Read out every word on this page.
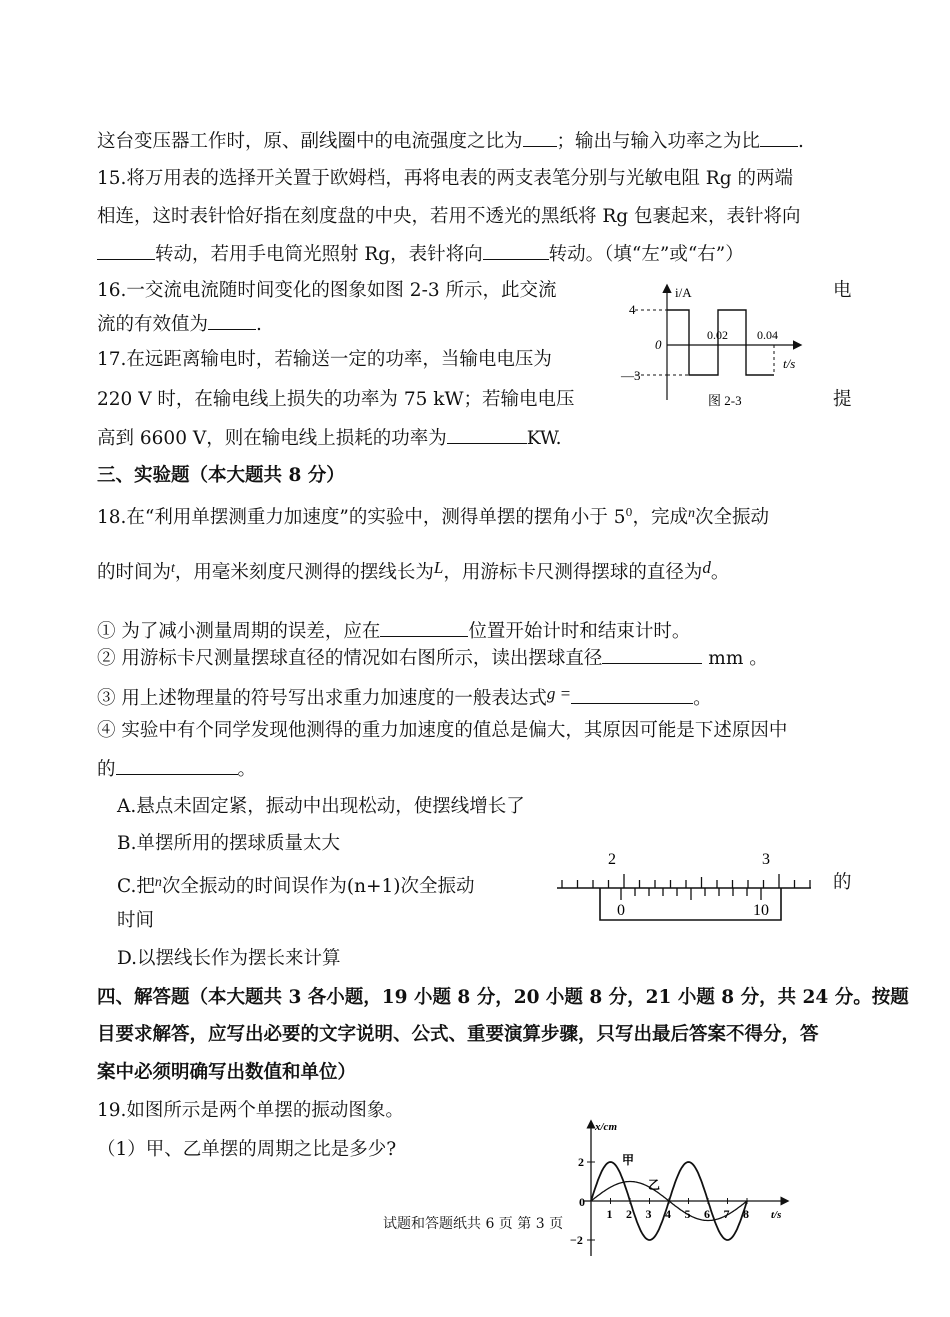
这台变压器工作时，原、副线圈中的电流强度之比为 ；输出与输入功率之为比 .
15.将万用表的选择开关置于欧姆档，再将电表的两支表笔分别与光敏电阻 Rg 的两端
相连，这时表针恰好指在刻度盘的中央，若用不透光的黑纸将 Rg 包裹起来，表针将向
转动，若用手电筒光照射 Rg，表针将向	转动。（填“左”或“右”）
16.一交流电流随时间变化的图象如图 2-3 所示，此交流	电
流的有效值为	.
17.在远距离输电时，若输送一定的功率，当输电电压为
220 V 时，在输电线上损失的功率为 75 kW；若输电电压	提
高到 6600 V，则在输电线上损耗的功率为	KW.
i/A
4
—3
0
0.02 0.04
t/s
图 2-3
三、实验题（本大题共 8 分）
18.在“利用单摆测重力加速度”的实验中，测得单摆的摆角小于 $5^0$，完成$^n$次全振动
的时间为$^t$，用毫米刻度尺测得的摆线长为L，用游标卡尺测得摆球的直径为d。
① 为了减小测量周期的误差，应在	位置开始计时和结束计时。
② 用游标卡尺测量摆球直径的情况如右图所示，读出摆球直径	mm 。
③ 用上述物理量的符号写出求重力加速度的一般表达式g =	。
④ 实验中有个同学发现他测得的重力加速度的值总是偏大，其原因可能是下述原因中
的	。
A.悬点未固定紧，振动中出现松动，使摆线增长了
B.单摆所用的摆球质量太大
C.把$^n$次全振动的时间误作为(n+1)次全振动	的
时间
D.以摆线长作为摆长来计算
2	3
0	10
四、解答题（本大题共 3 各小题，19 小题 8 分，20 小题 8 分，21 小题 8 分，共 24 分。按题
目要求解答，应写出必要的文字说明、公式、重要演算步骤，只写出最后答案不得分，答
案中必须明确写出数值和单位）
19.如图所示是两个单摆的振动图象。
（1）甲、乙单摆的周期之比是多少?
x/cm
2
−2
0
甲
乙
t/s
1 2 3 4 5 6 7 8
试题和答题纸共 6 页 第 3 页
